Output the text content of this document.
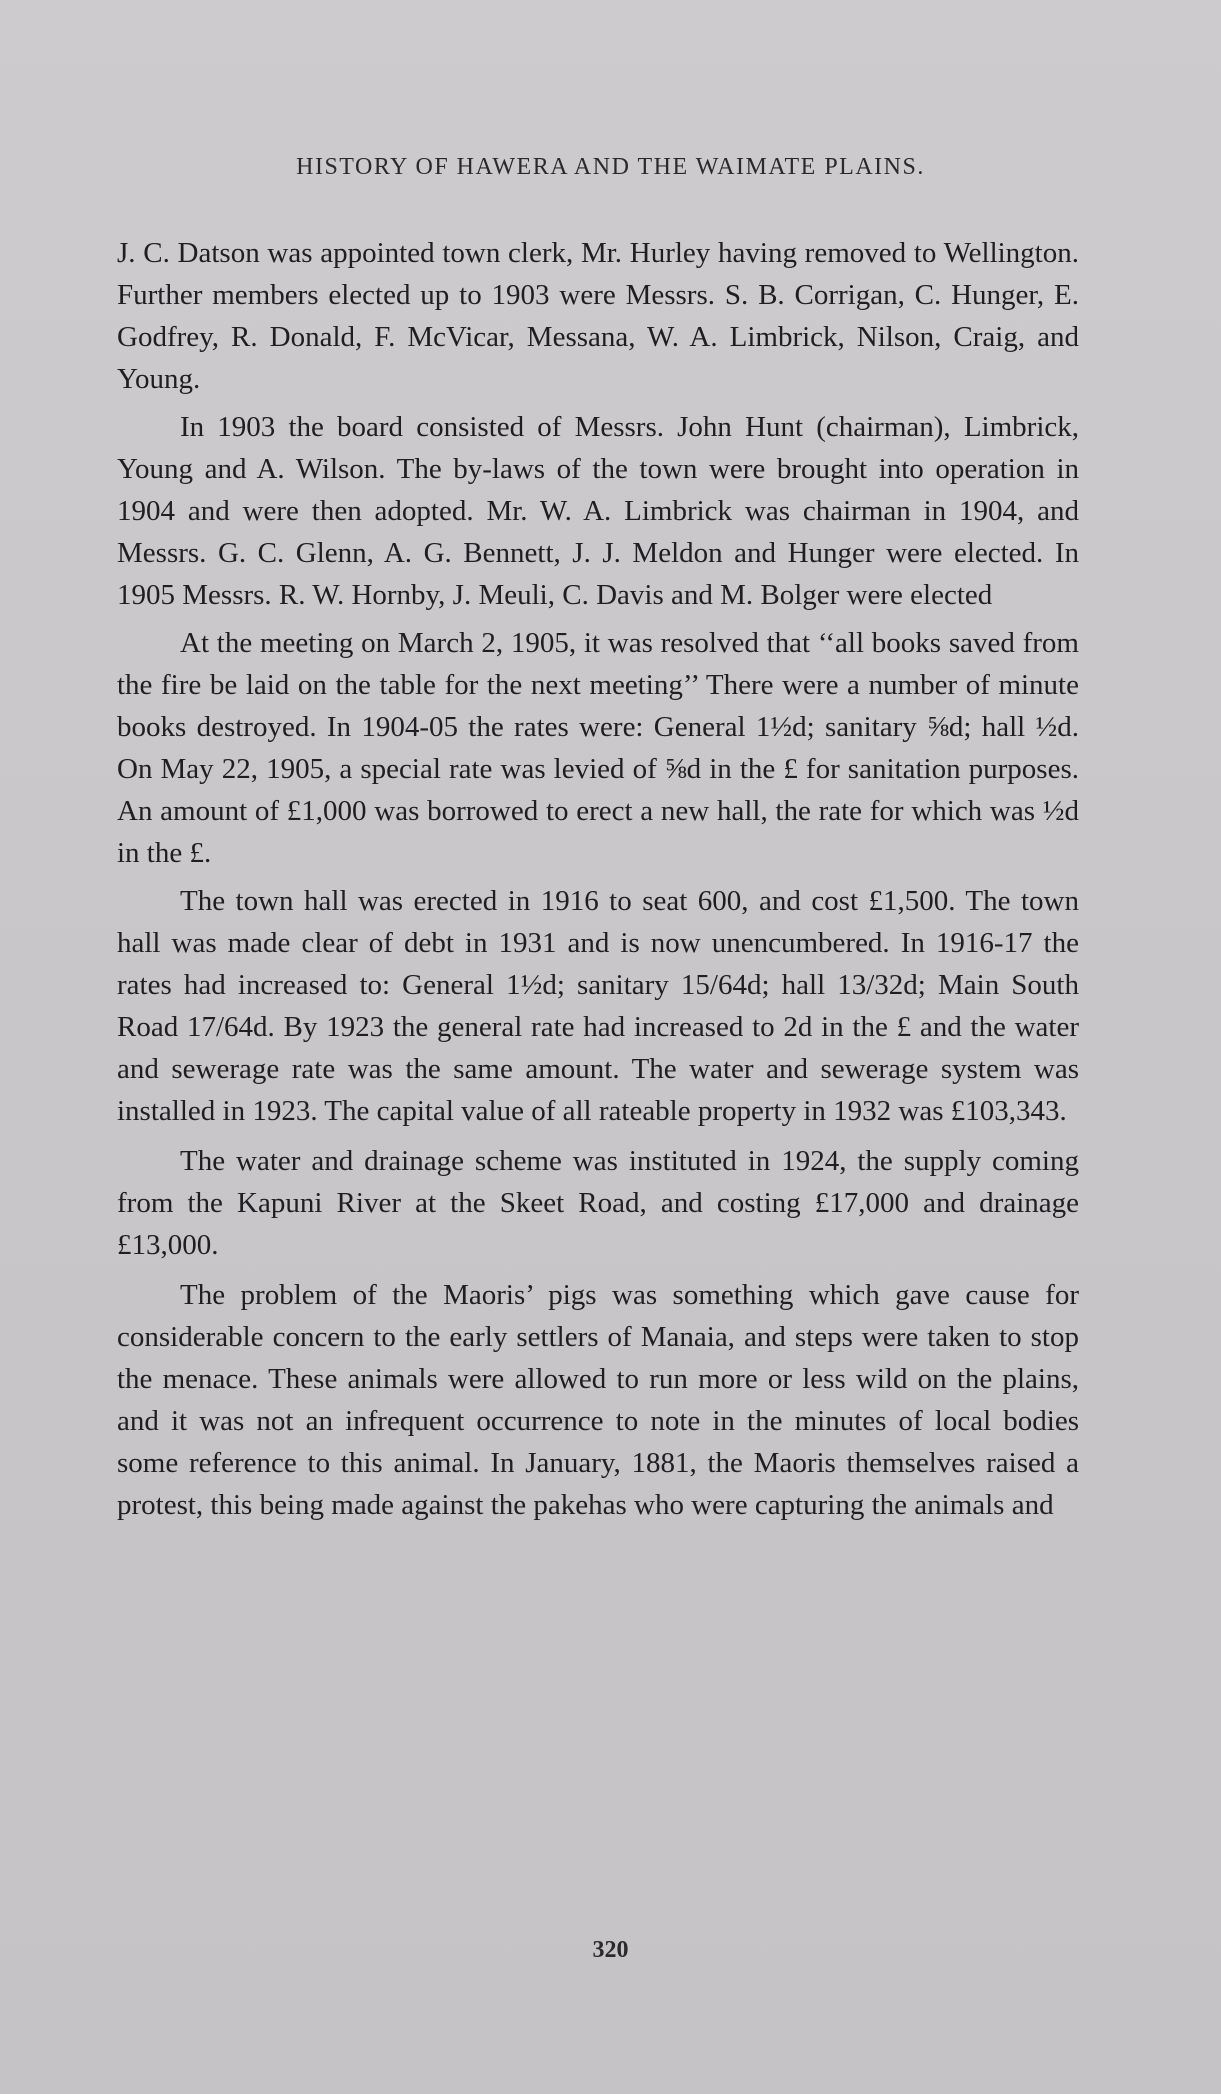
HISTORY OF HAWERA AND THE WAIMATE PLAINS.

J. C. Datson was appointed town clerk, Mr. Hurley having removed to Wellington. Further members elected up to 1903 were Messrs. S. B. Corrigan, C. Hunger, E. Godfrey, R. Donald, F. McVicar, Messana, W. A. Limbrick, Nilson, Craig, and Young.

In 1903 the board consisted of Messrs. John Hunt (chairman), Limbrick, Young and A. Wilson. The by-laws of the town were brought into operation in 1904 and were then adopted. Mr. W. A. Limbrick was chairman in 1904, and Messrs. G. C. Glenn, A. G. Bennett, J. J. Meldon and Hunger were elected. In 1905 Messrs. R. W. Hornby, J. Meuli, C. Davis and M. Bolger were elected

At the meeting on March 2, 1905, it was resolved that ‘‘all books saved from the fire be laid on the table for the next meeting’’ There were a number of minute books destroyed. In 1904-05 the rates were: General 1½d; sanitary ⅝d; hall ½d. On May 22, 1905, a special rate was levied of ⅝d in the £ for sanitation purposes. An amount of £1,000 was borrowed to erect a new hall, the rate for which was ½d in the £.

The town hall was erected in 1916 to seat 600, and cost £1,500. The town hall was made clear of debt in 1931 and is now unencumbered. In 1916-17 the rates had increased to: General 1½d; sanitary 15/64d; hall 13/32d; Main South Road 17/64d. By 1923 the general rate had increased to 2d in the £ and the water and sewerage rate was the same amount. The water and sewerage system was installed in 1923. The capital value of all rateable property in 1932 was £103,343.

The water and drainage scheme was instituted in 1924, the supply coming from the Kapuni River at the Skeet Road, and costing £17,000 and drainage £13,000.

The problem of the Maoris’ pigs was something which gave cause for considerable concern to the early settlers of Manaia, and steps were taken to stop the menace. These animals were allowed to run more or less wild on the plains, and it was not an infrequent occurrence to note in the minutes of local bodies some reference to this animal. In January, 1881, the Maoris themselves raised a protest, this being made against the pakehas who were capturing the animals and

320
